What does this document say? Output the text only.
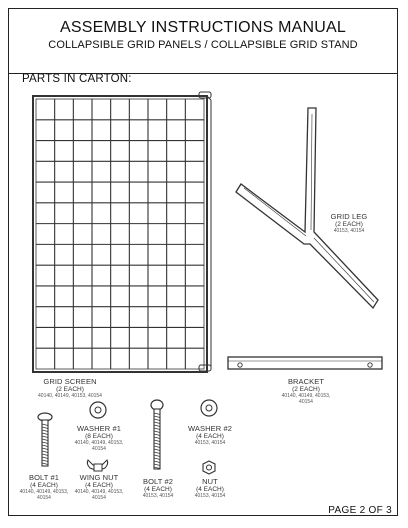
ASSEMBLY INSTRUCTIONS MANUAL
COLLAPSIBLE GRID PANELS / COLLAPSIBLE GRID STAND
PARTS IN CARTON:
GRID SCREEN
(2 EACH)
40140, 40149, 40153, 40154
GRID LEG
(2 EACH)
40153, 40154
BRACKET
(2 EACH)
40140, 40149, 40153, 40154
WASHER #1
(8 EACH)
40140, 40149, 40153, 40154
WASHER #2
(4 EACH)
40153, 40154
BOLT #1
(4 EACH)
40140, 40149, 40153, 40154
WING NUT
(4 EACH)
40140, 40149, 40153, 40154
BOLT #2
(4 EACH)
40153, 40154
NUT
(4 EACH)
40153, 40154
PAGE 2 OF 3
